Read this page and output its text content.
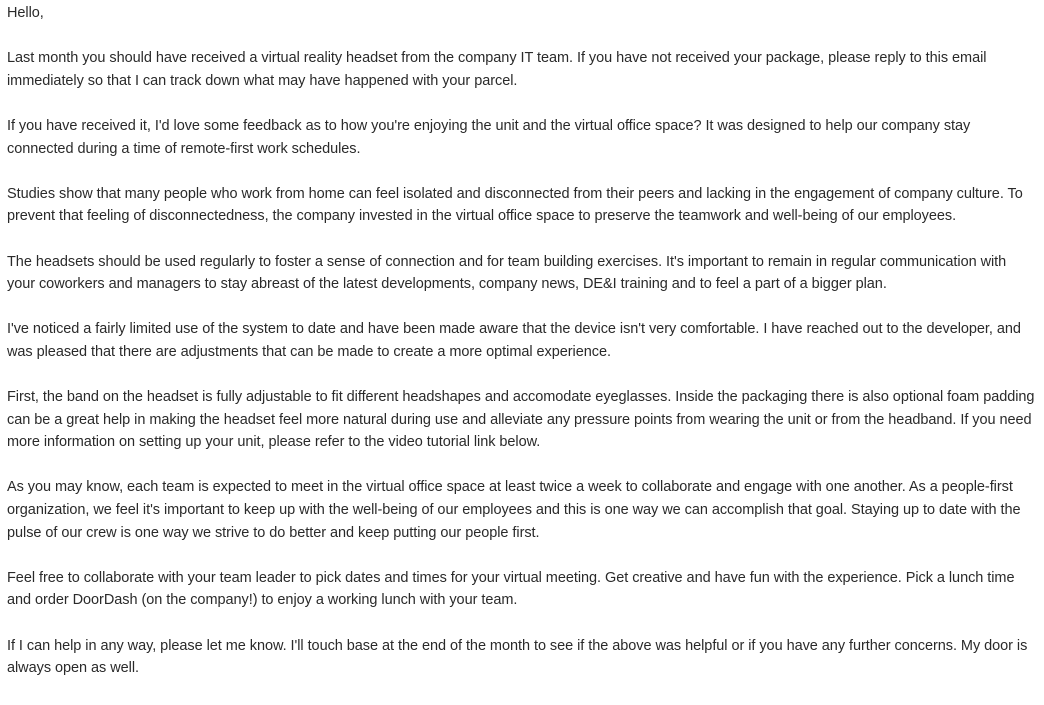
Hello,

Last month you should have received a virtual reality headset from the company IT team. If you have not received your package, please reply to this email immediately so that I can track down what may have happened with your parcel.

If you have received it, I'd love some feedback as to how you're enjoying the unit and the virtual office space? It was designed to help our company stay connected during a time of remote-first work schedules.

Studies show that many people who work from home can feel isolated and disconnected from their peers and lacking in the engagement of company culture. To prevent that feeling of disconnectedness, the company invested in the virtual office space to preserve the teamwork and well-being of our employees.

The headsets should be used regularly to foster a sense of connection and for team building exercises. It's important to remain in regular communication with your coworkers and managers to stay abreast of the latest developments, company news, DE&I training and to feel a part of a bigger plan.

I've noticed a fairly limited use of the system to date and have been made aware that the device isn't very comfortable. I have reached out to the developer, and was pleased that there are adjustments that can be made to create a more optimal experience.

First, the band on the headset is fully adjustable to fit different headshapes and accomodate eyeglasses. Inside the packaging there is also optional foam padding can be a great help in making the headset feel more natural during use and alleviate any pressure points from wearing the unit or from the headband. If you need more information on setting up your unit, please refer to the video tutorial link below.

As you may know, each team is expected to meet in the virtual office space at least twice a week to collaborate and engage with one another. As a people-first organization, we feel it's important to keep up with the well-being of our employees and this is one way we can accomplish that goal. Staying up to date with the pulse of our crew is one way we strive to do better and keep putting our people first.

Feel free to collaborate with your team leader to pick dates and times for your virtual meeting. Get creative and have fun with the experience. Pick a lunch time and order DoorDash (on the company!) to enjoy a working lunch with your team.

If I can help in any way, please let me know. I'll touch base at the end of the month to see if the above was helpful or if you have any further concerns. My door is always open as well.
